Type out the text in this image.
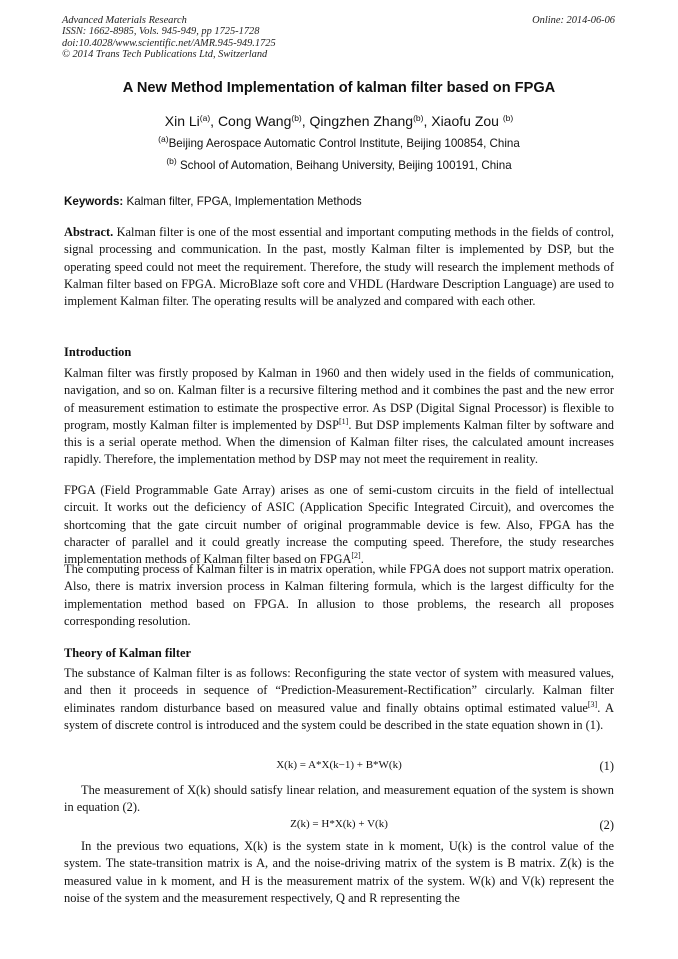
Advanced Materials Research
ISSN: 1662-8985, Vols. 945-949, pp 1725-1728
doi:10.4028/www.scientific.net/AMR.945-949.1725
© 2014 Trans Tech Publications Ltd, Switzerland
Online: 2014-06-06
A New Method Implementation of kalman filter based on FPGA
Xin Li$^{(a)}$, Cong Wang$^{(b)}$, Qingzhen Zhang$^{(b)}$, Xiaofu Zou $^{(b)}$
$^{(a)}$Beijing Aerospace Automatic Control Institute, Beijing 100854, China
$^{(b)}$ School of Automation, Beihang University, Beijing 100191, China
Keywords: Kalman filter, FPGA, Implementation Methods
Abstract. Kalman filter is one of the most essential and important computing methods in the fields of control, signal processing and communication. In the past, mostly Kalman filter is implemented by DSP, but the operating speed could not meet the requirement. Therefore, the study will research the implement methods of Kalman filter based on FPGA. MicroBlaze soft core and VHDL (Hardware Description Language) are used to implement Kalman filter. The operating results will be analyzed and compared with each other.
Introduction
Kalman filter was firstly proposed by Kalman in 1960 and then widely used in the fields of communication, navigation, and so on. Kalman filter is a recursive filtering method and it combines the past and the new error of measurement estimation to estimate the prospective error. As DSP (Digital Signal Processor) is flexible to program, mostly Kalman filter is implemented by DSP[1]. But DSP implements Kalman filter by software and this is a serial operate method. When the dimension of Kalman filter rises, the calculated amount increases rapidly. Therefore, the implementation method by DSP may not meet the requirement in reality.
FPGA (Field Programmable Gate Array) arises as one of semi-custom circuits in the field of intellectual circuit. It works out the deficiency of ASIC (Application Specific Integrated Circuit), and overcomes the shortcoming that the gate circuit number of original programmable device is few. Also, FPGA has the character of parallel and it could greatly increase the computing speed. Therefore, the study researches implementation methods of Kalman filter based on FPGA[2].
The computing process of Kalman filter is in matrix operation, while FPGA does not support matrix operation. Also, there is matrix inversion process in Kalman filtering formula, which is the largest difficulty for the implementation method based on FPGA. In allusion to those problems, the research all proposes corresponding resolution.
Theory of Kalman filter
The substance of Kalman filter is as follows: Reconfiguring the state vector of system with measured values, and then it proceeds in sequence of “Prediction-Measurement-Rectification” circularly. Kalman filter eliminates random disturbance based on measured value and finally obtains optimal estimated value[3]. A system of discrete control is introduced and the system could be described in the state equation shown in (1).
X(k) = A*X(k−1) + B*W(k)	(1)
The measurement of X(k) should satisfy linear relation, and measurement equation of the system is shown in equation (2).
Z(k) = H*X(k) + V(k)	(2)
In the previous two equations, X(k) is the system state in k moment, U(k) is the control value of the system. The state-transition matrix is A, and the noise-driving matrix of the system is B matrix. Z(k) is the measured value in k moment, and H is the measurement matrix of the system. W(k) and V(k) represent the noise of the system and the measurement respectively, Q and R representing the
